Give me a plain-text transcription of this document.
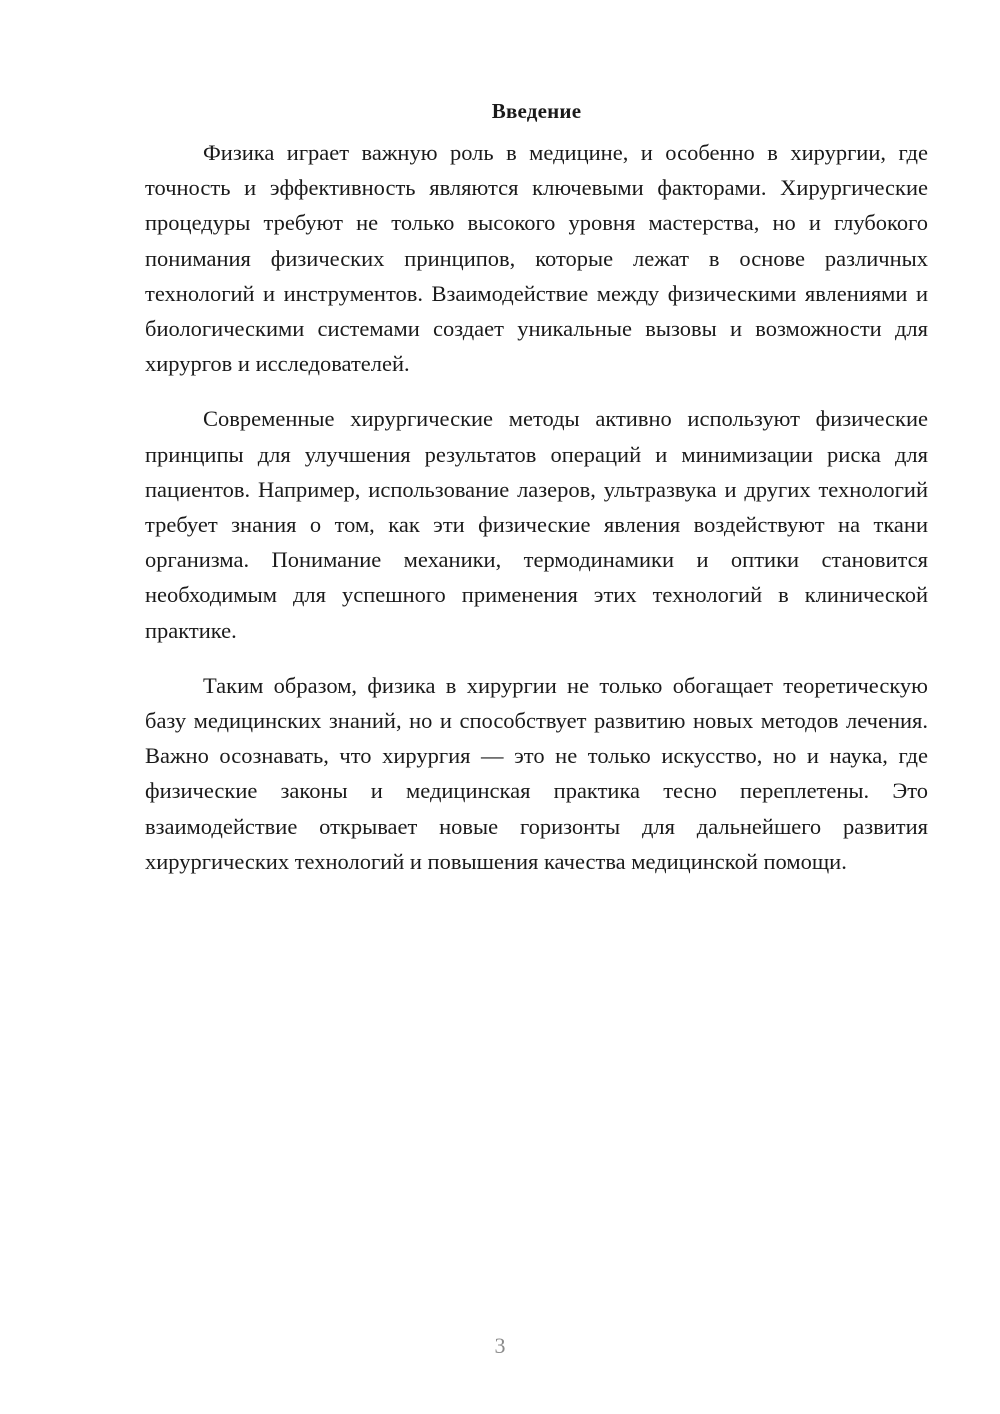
Введение

Физика играет важную роль в медицине, и особенно в хирургии, где точность и эффективность являются ключевыми факторами. Хирургические процедуры требуют не только высокого уровня мастерства, но и глубокого понимания физических принципов, которые лежат в основе различных технологий и инструментов. Взаимодействие между физическими явлениями и биологическими системами создает уникальные вызовы и возможности для хирургов и исследователей.

Современные хирургические методы активно используют физические принципы для улучшения результатов операций и минимизации риска для пациентов. Например, использование лазеров, ультразвука и других технологий требует знания о том, как эти физические явления воздействуют на ткани организма. Понимание механики, термодинамики и оптики становится необходимым для успешного применения этих технологий в клинической практике.

Таким образом, физика в хирургии не только обогащает теоретическую базу медицинских знаний, но и способствует развитию новых методов лечения. Важно осознавать, что хирургия — это не только искусство, но и наука, где физические законы и медицинская практика тесно переплетены. Это взаимодействие открывает новые горизонты для дальнейшего развития хирургических технологий и повышения качества медицинской помощи.

3
